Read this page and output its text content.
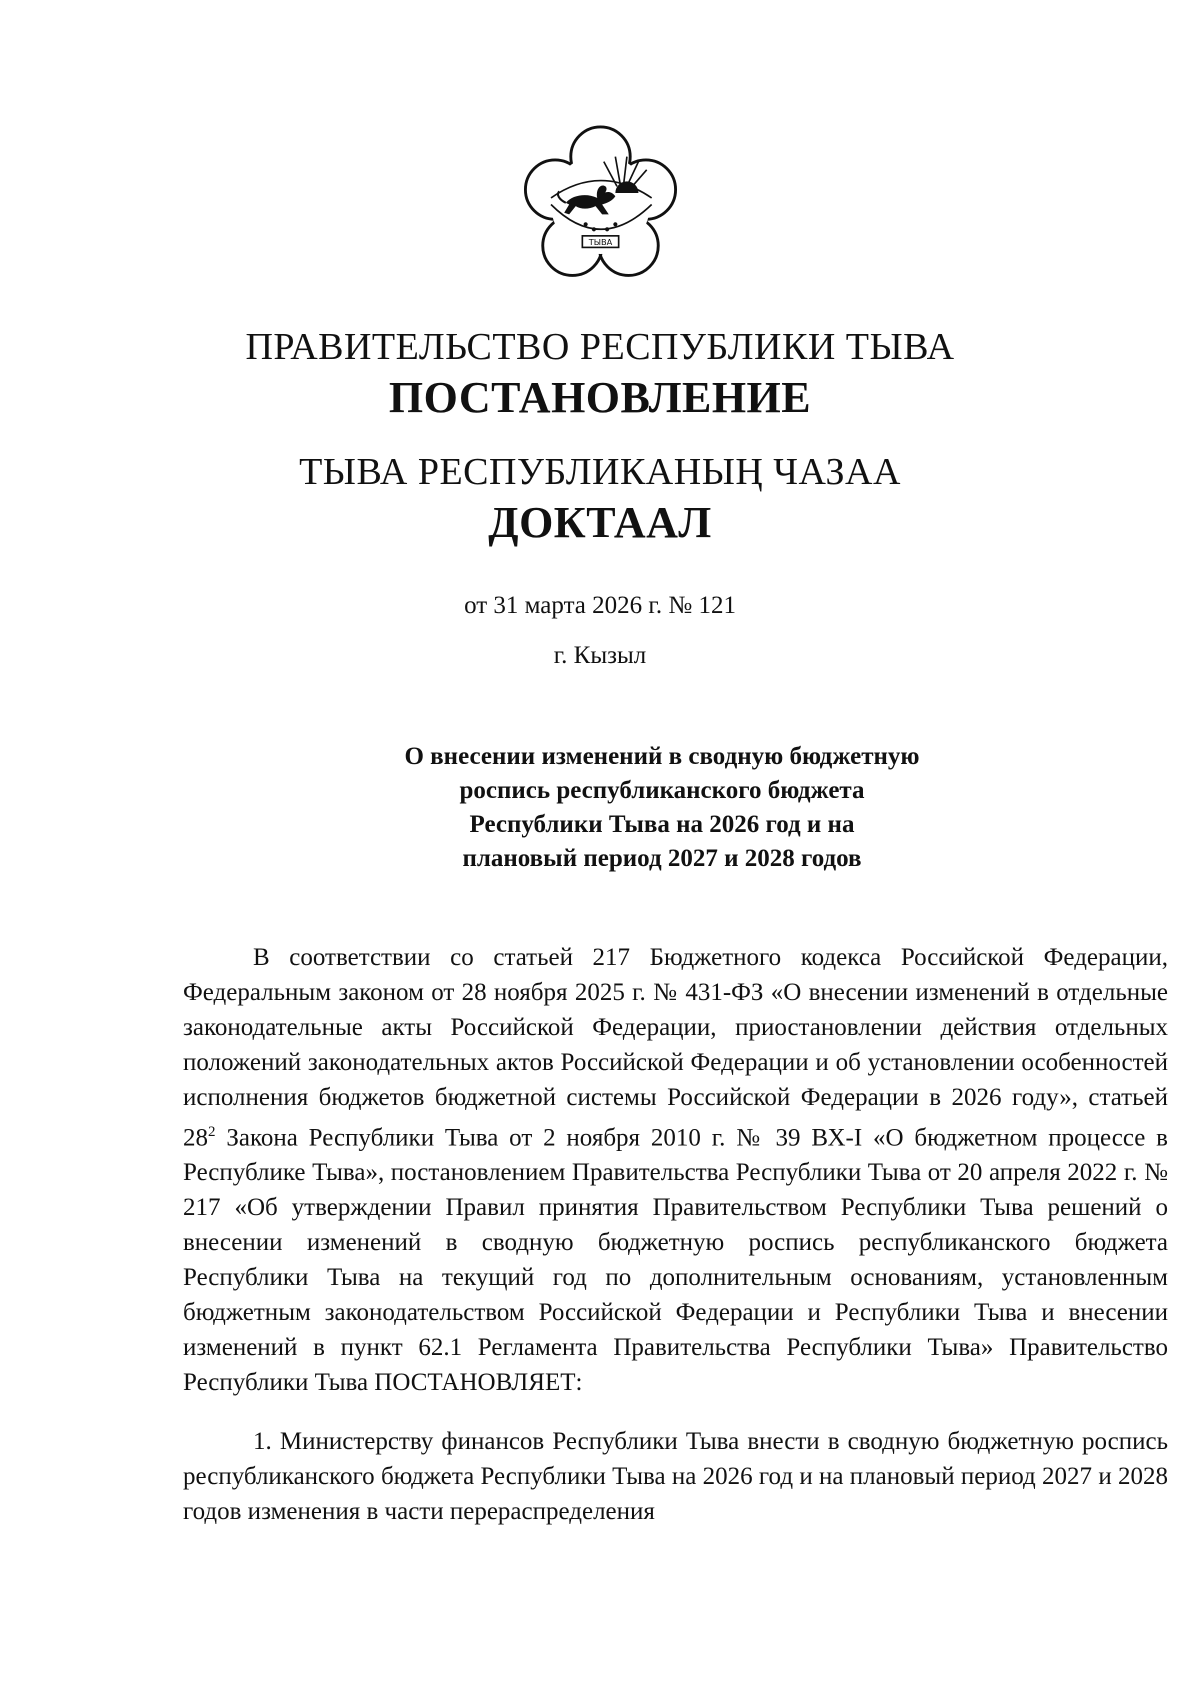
ТЫВА
ПРАВИТЕЛЬСТВО РЕСПУБЛИКИ ТЫВА
ПОСТАНОВЛЕНИЕ
ТЫВА РЕСПУБЛИКАНЫҢ ЧАЗАА
ДОКТААЛ
от 31 марта 2026 г. № 121
г. Кызыл
О внесении изменений в сводную бюджетную
роспись республиканского бюджета
Республики Тыва на 2026 год и на
плановый период 2027 и 2028 годов

В соответствии со статьей 217 Бюджетного кодекса Российской Федерации, Федеральным законом от 28 ноября 2025 г. № 431-ФЗ «О внесении изменений в отдельные законодательные акты Российской Федерации, приостановлении действия отдельных положений законодательных актов Российской Федерации и об установлении особенностей исполнения бюджетов бюджетной системы Российской Федерации в 2026 году», статьей $28^2$ Закона Республики Тыва от 2 ноября 2010 г. № 39 ВХ-I «О бюджетном процессе в Республике Тыва», постановлением Правительства Республики Тыва от 20 апреля 2022 г. № 217 «Об утверждении Правил принятия Правительством Республики Тыва решений о внесении изменений в сводную бюджетную роспись республиканского бюджета Республики Тыва на текущий год по дополнительным основаниям, установленным бюджетным законодательством Российской Федерации и Республики Тыва и внесении изменений в пункт 62.1 Регламента Правительства Республики Тыва» Правительство Республики Тыва ПОСТАНОВЛЯЕТ:

1. Министерству финансов Республики Тыва внести в сводную бюджетную роспись республиканского бюджета Республики Тыва на 2026 год и на плановый период 2027 и 2028 годов изменения в части перераспределения
